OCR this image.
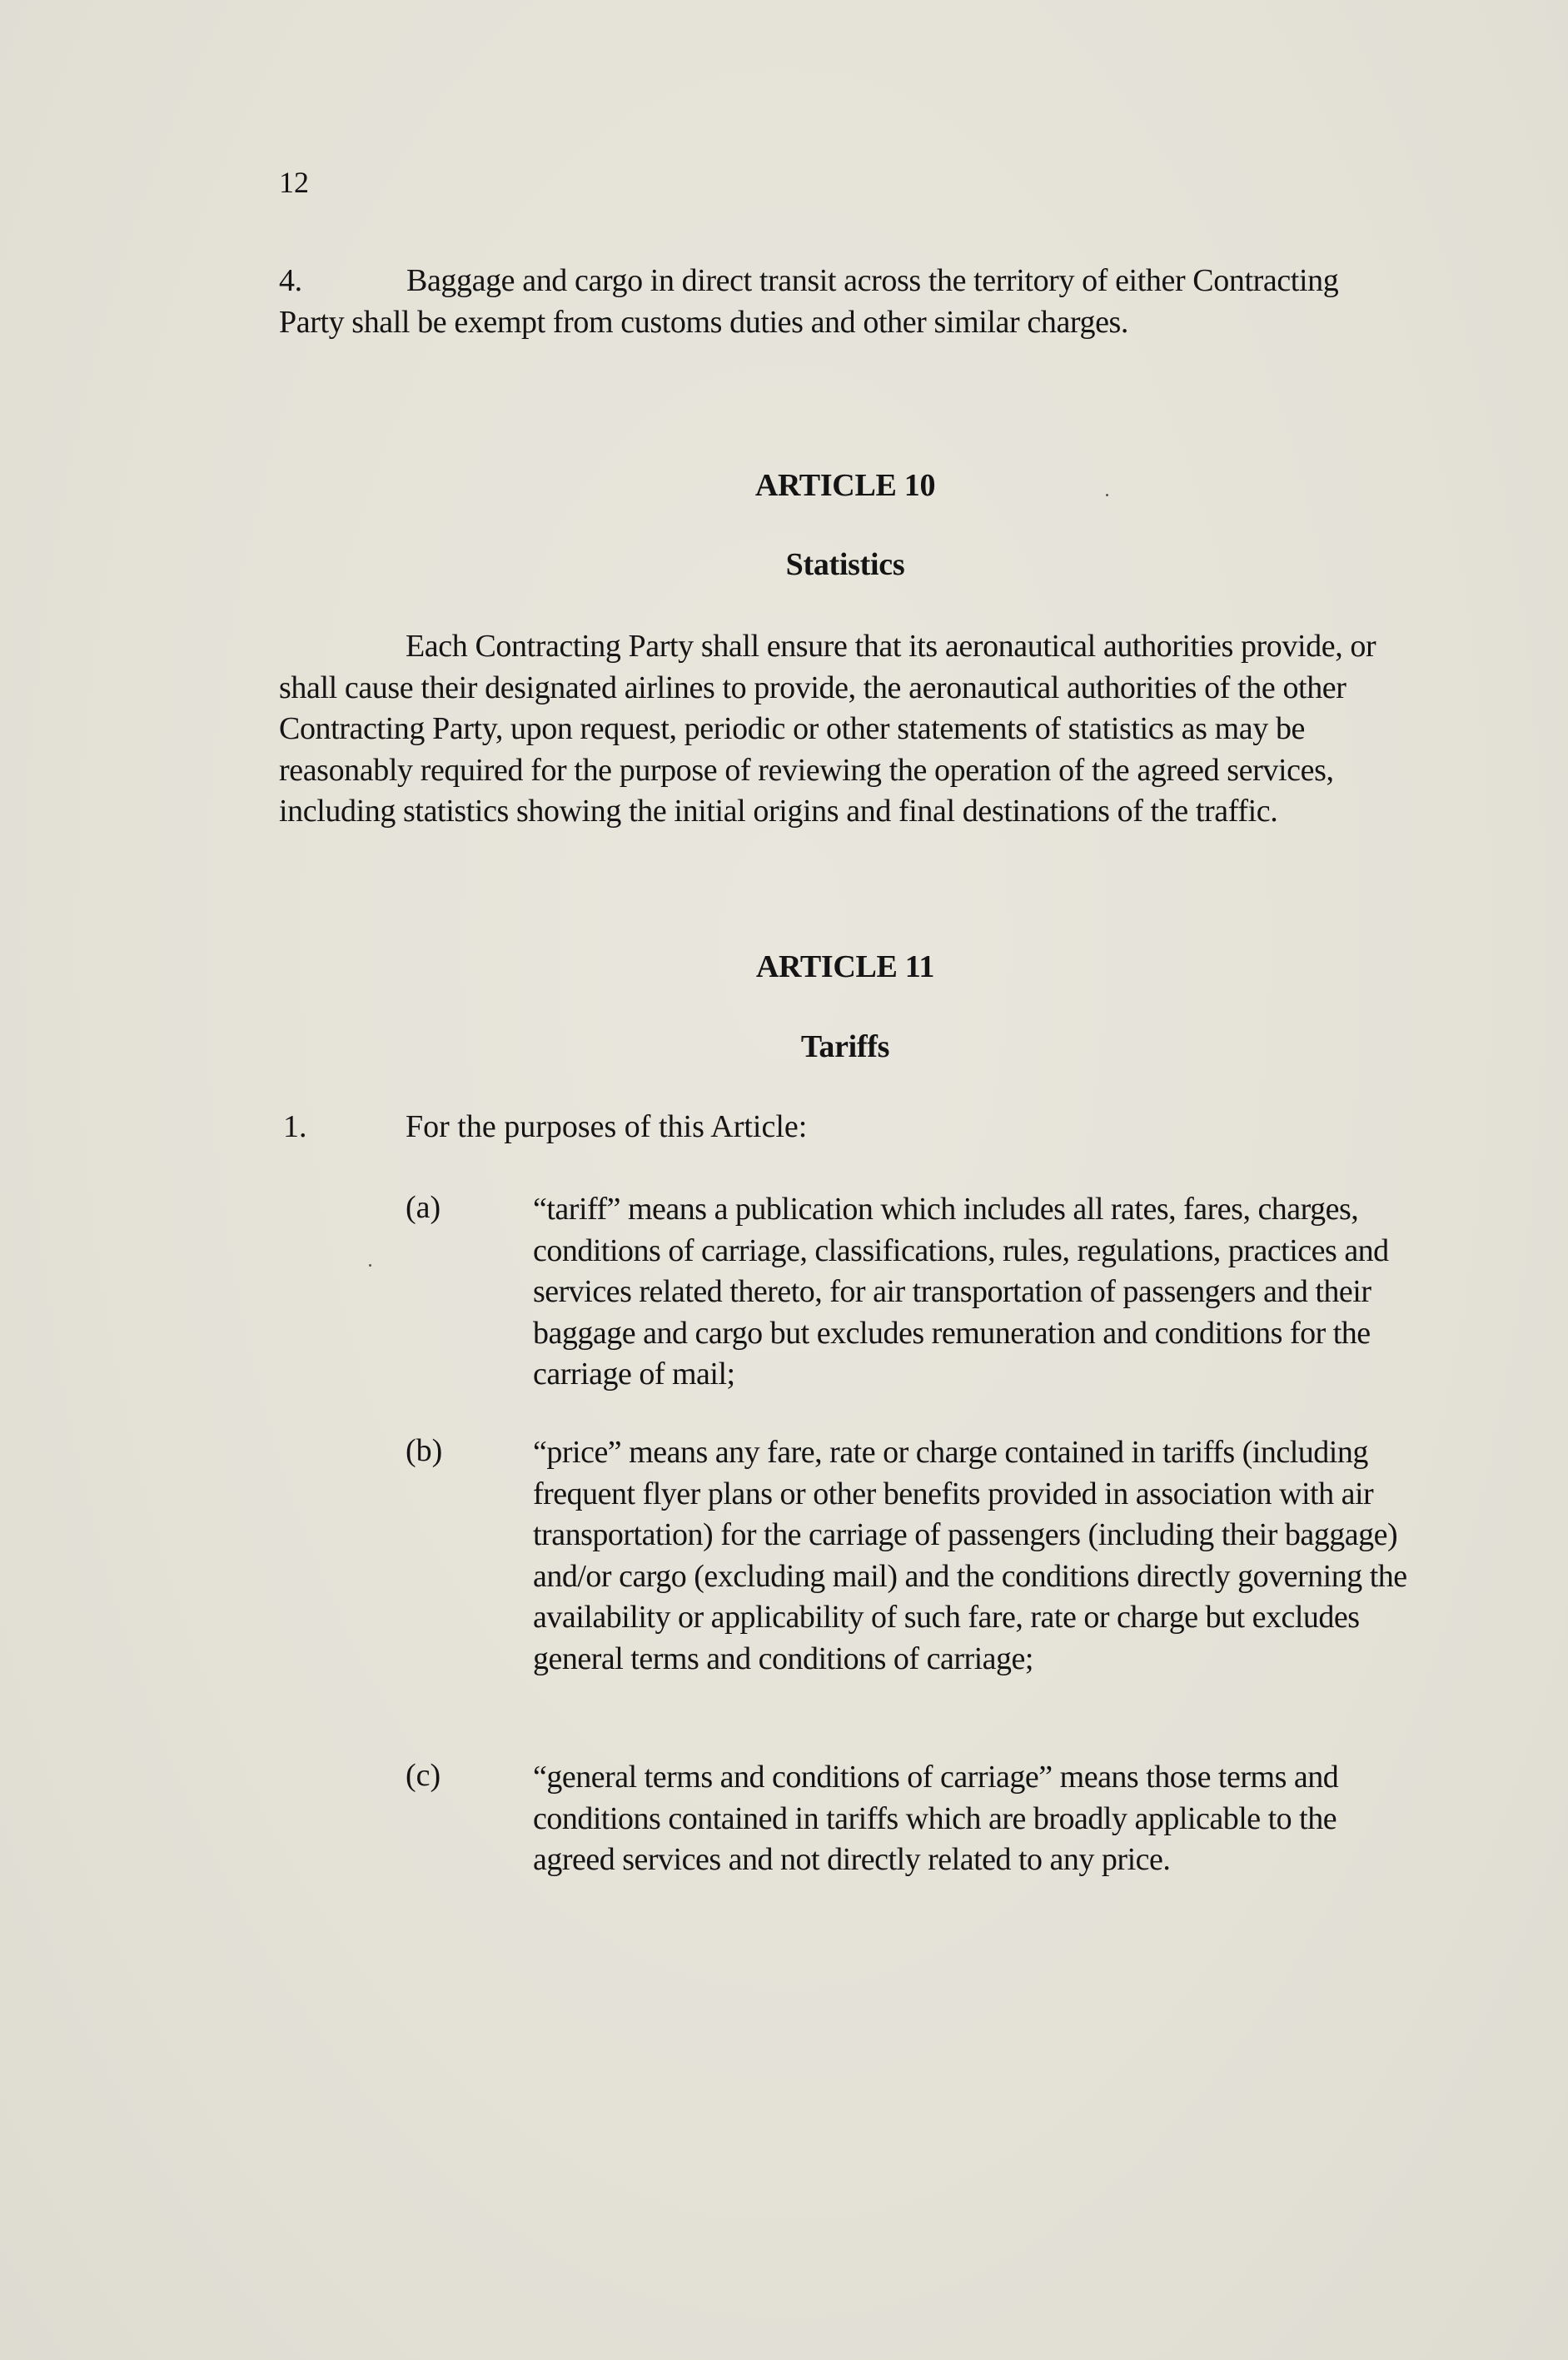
12

4.	Baggage and cargo in direct transit across the territory of either Contracting Party shall be exempt from customs duties and other similar charges.

ARTICLE 10
Statistics

Each Contracting Party shall ensure that its aeronautical authorities provide, or shall cause their designated airlines to provide, the aeronautical authorities of the other Contracting Party, upon request, periodic or other statements of statistics as may be reasonably required for the purpose of reviewing the operation of the agreed services, including statistics showing the initial origins and final destinations of the traffic.

ARTICLE 11
Tariffs
1.	For the purposes of this Article:
(a)	“tariff” means a publication which includes all rates, fares, charges, conditions of carriage, classifications, rules, regulations, practices and services related thereto, for air transportation of passengers and their baggage and cargo but excludes remuneration and conditions for the carriage of mail;

(b)	“price” means any fare, rate or charge contained in tariffs (including frequent flyer plans or other benefits provided in association with air transportation) for the carriage of passengers (including their baggage) and/or cargo (excluding mail) and the conditions directly governing the availability or applicability of such fare, rate or charge but excludes general terms and conditions of carriage;

(c)	“general terms and conditions of carriage” means those terms and conditions contained in tariffs which are broadly applicable to the agreed services and not directly related to any price.
